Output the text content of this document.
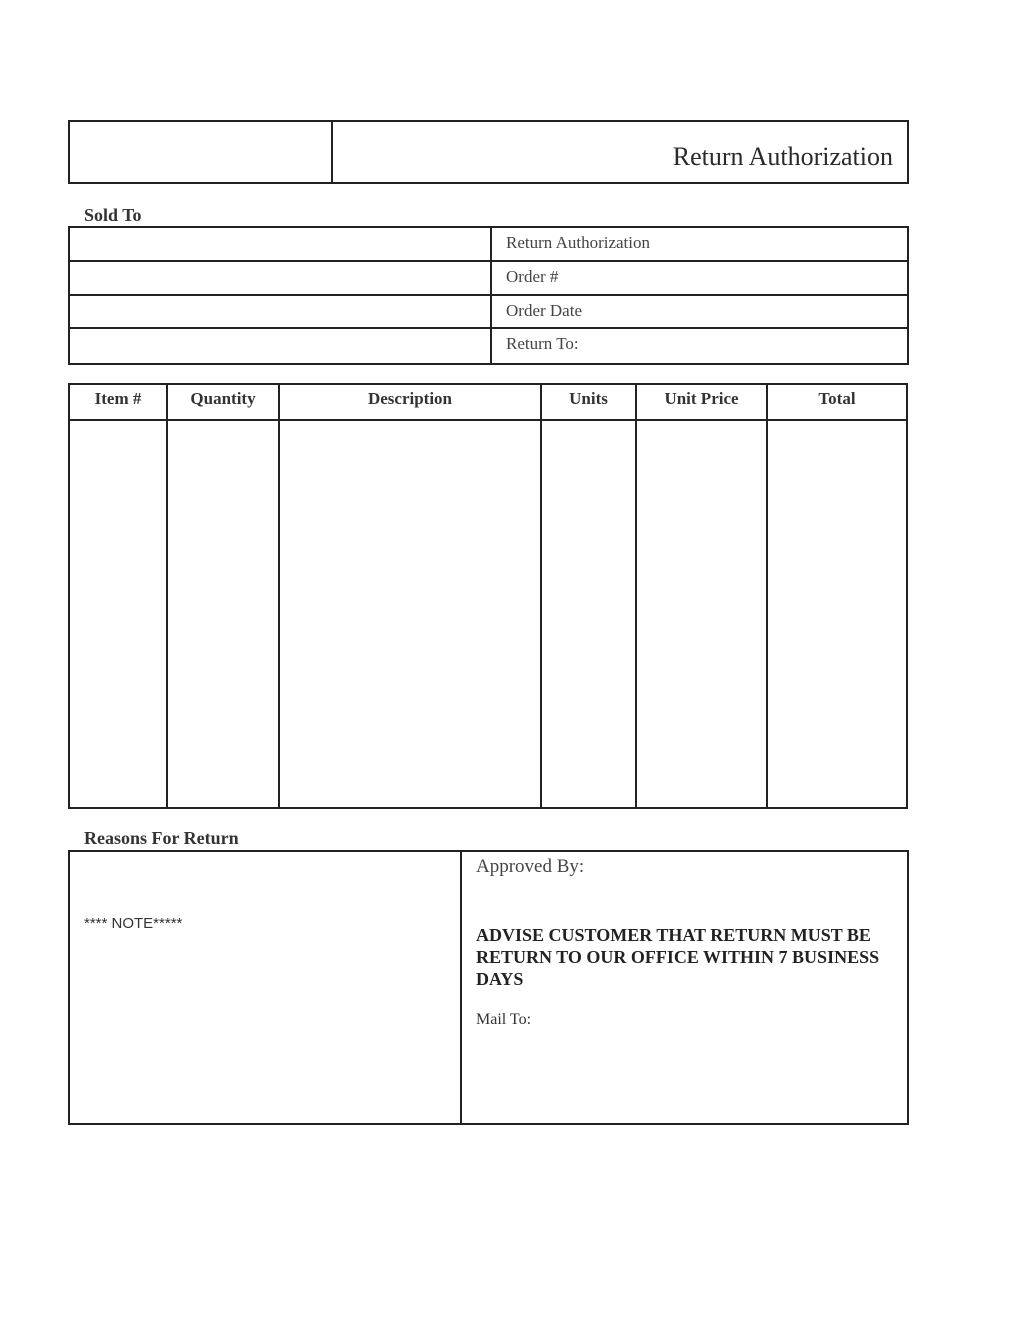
Return Authorization
Sold To
Return Authorization
Order #
Order Date
Return To:
Item #	Quantity	Description	Units	Unit Price	Total
Reasons For Return
**** NOTE*****
Approved By:
ADVISE CUSTOMER THAT RETURN MUST BE RETURN TO OUR OFFICE WITHIN 7 BUSINESS DAYS
Mail To:
